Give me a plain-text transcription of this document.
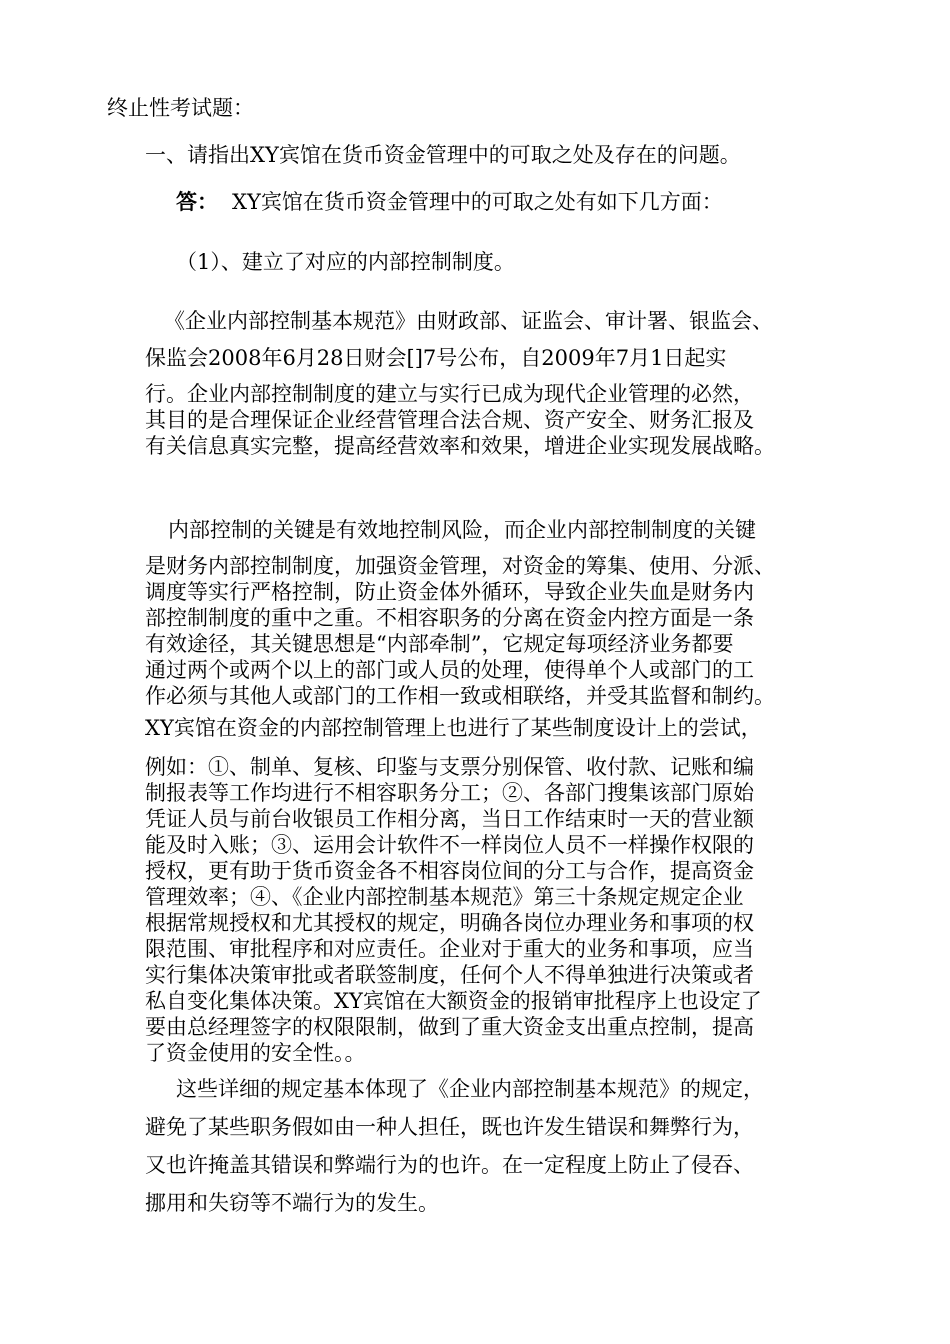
终止性考试题：
一、请指出XY宾馆在货币资金管理中的可取之处及存在的问题。
答： XY宾馆在货币资金管理中的可取之处有如下几方面：
（1）、建立了对应的内部控制制度。
《企业内部控制基本规范》由财政部、证监会、审计署、银监会、
保监会2008年6月28日财会[]7号公布，自2009年7月1日起实
行。企业内部控制制度的建立与实行已成为现代企业管理的必然，
其目的是合理保证企业经营管理合法合规、资产安全、财务汇报及
有关信息真实完整，提高经营效率和效果，增进企业实现发展战略。
内部控制的关键是有效地控制风险，而企业内部控制制度的关键
是财务内部控制制度，加强资金管理，对资金的筹集、使用、分派、
调度等实行严格控制，防止资金体外循环，导致企业失血是财务内
部控制制度的重中之重。不相容职务的分离在资金内控方面是一条
有效途径，其关键思想是“内部牵制”，它规定每项经济业务都要
通过两个或两个以上的部门或人员的处理，使得单个人或部门的工
作必须与其他人或部门的工作相一致或相联络，并受其监督和制约。
XY宾馆在资金的内部控制管理上也进行了某些制度设计上的尝试，
例如：①、制单、复核、印鉴与支票分别保管、收付款、记账和编
制报表等工作均进行不相容职务分工；②、各部门搜集该部门原始
凭证人员与前台收银员工作相分离，当日工作结束时一天的营业额
能及时入账；③、运用会计软件不一样岗位人员不一样操作权限的
授权，更有助于货币资金各不相容岗位间的分工与合作，提高资金
管理效率；④、《企业内部控制基本规范》第三十条规定规定企业
根据常规授权和尤其授权的规定，明确各岗位办理业务和事项的权
限范围、审批程序和对应责任。企业对于重大的业务和事项，应当
实行集体决策审批或者联签制度，任何个人不得单独进行决策或者
私自变化集体决策。XY宾馆在大额资金的报销审批程序上也设定了
要由总经理签字的权限限制，做到了重大资金支出重点控制，提高
了资金使用的安全性。。
这些详细的规定基本体现了《企业内部控制基本规范》的规定，
避免了某些职务假如由一种人担任，既也许发生错误和舞弊行为，
又也许掩盖其错误和弊端行为的也许。在一定程度上防止了侵吞、
挪用和失窃等不端行为的发生。
